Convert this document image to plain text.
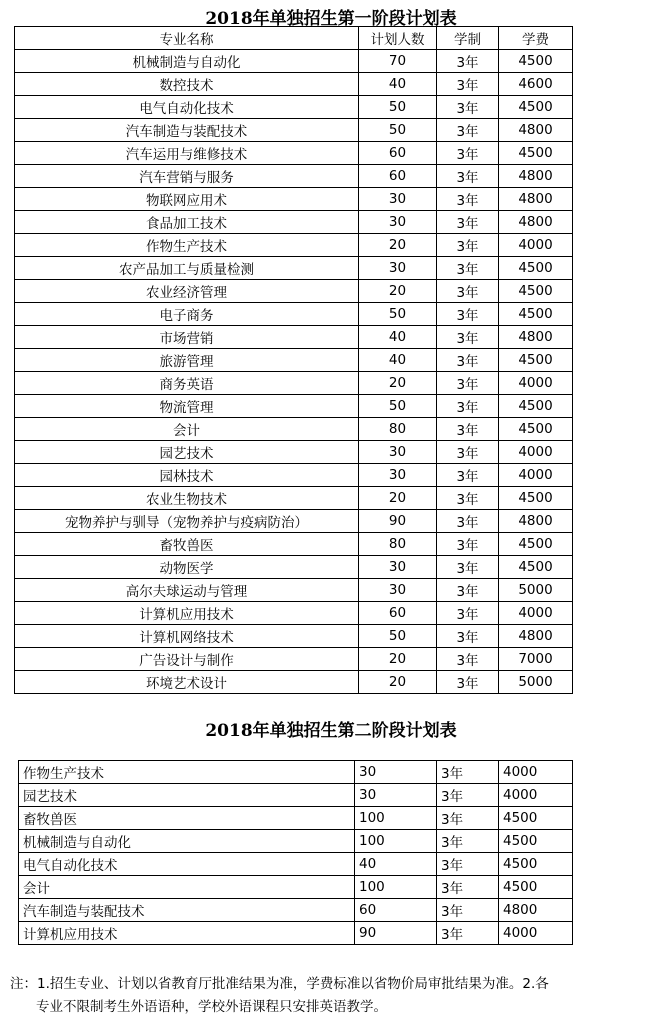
2018年单独招生第一阶段计划表
专业名称	计划人数	学制	学费
机械制造与自动化	70	3年	4500
数控技术	40	3年	4600
电气自动化技术	50	3年	4500
汽车制造与装配技术	50	3年	4800
汽车运用与维修技术	60	3年	4500
汽车营销与服务	60	3年	4800
物联网应用术	30	3年	4800
食品加工技术	30	3年	4800
作物生产技术	20	3年	4000
农产品加工与质量检测	30	3年	4500
农业经济管理	20	3年	4500
电子商务	50	3年	4500
市场营销	40	3年	4800
旅游管理	40	3年	4500
商务英语	20	3年	4000
物流管理	50	3年	4500
会计	80	3年	4500
园艺技术	30	3年	4000
园林技术	30	3年	4000
农业生物技术	20	3年	4500
宠物养护与驯导（宠物养护与疫病防治）	90	3年	4800
畜牧兽医	80	3年	4500
动物医学	30	3年	4500
高尔夫球运动与管理	30	3年	5000
计算机应用技术	60	3年	4000
计算机网络技术	50	3年	4800
广告设计与制作	20	3年	7000
环境艺术设计	20	3年	5000
2018年单独招生第二阶段计划表
作物生产技术	30	3年	4000
园艺技术	30	3年	4000
畜牧兽医	100	3年	4500
机械制造与自动化	100	3年	4500
电气自动化技术	40	3年	4500
会计	100	3年	4500
汽车制造与装配技术	60	3年	4800
计算机应用技术	90	3年	4000
注：1.招生专业、计划以省教育厅批准结果为准，学费标准以省物价局审批结果为准。2.各
专业不限制考生外语语种，学校外语课程只安排英语教学。
